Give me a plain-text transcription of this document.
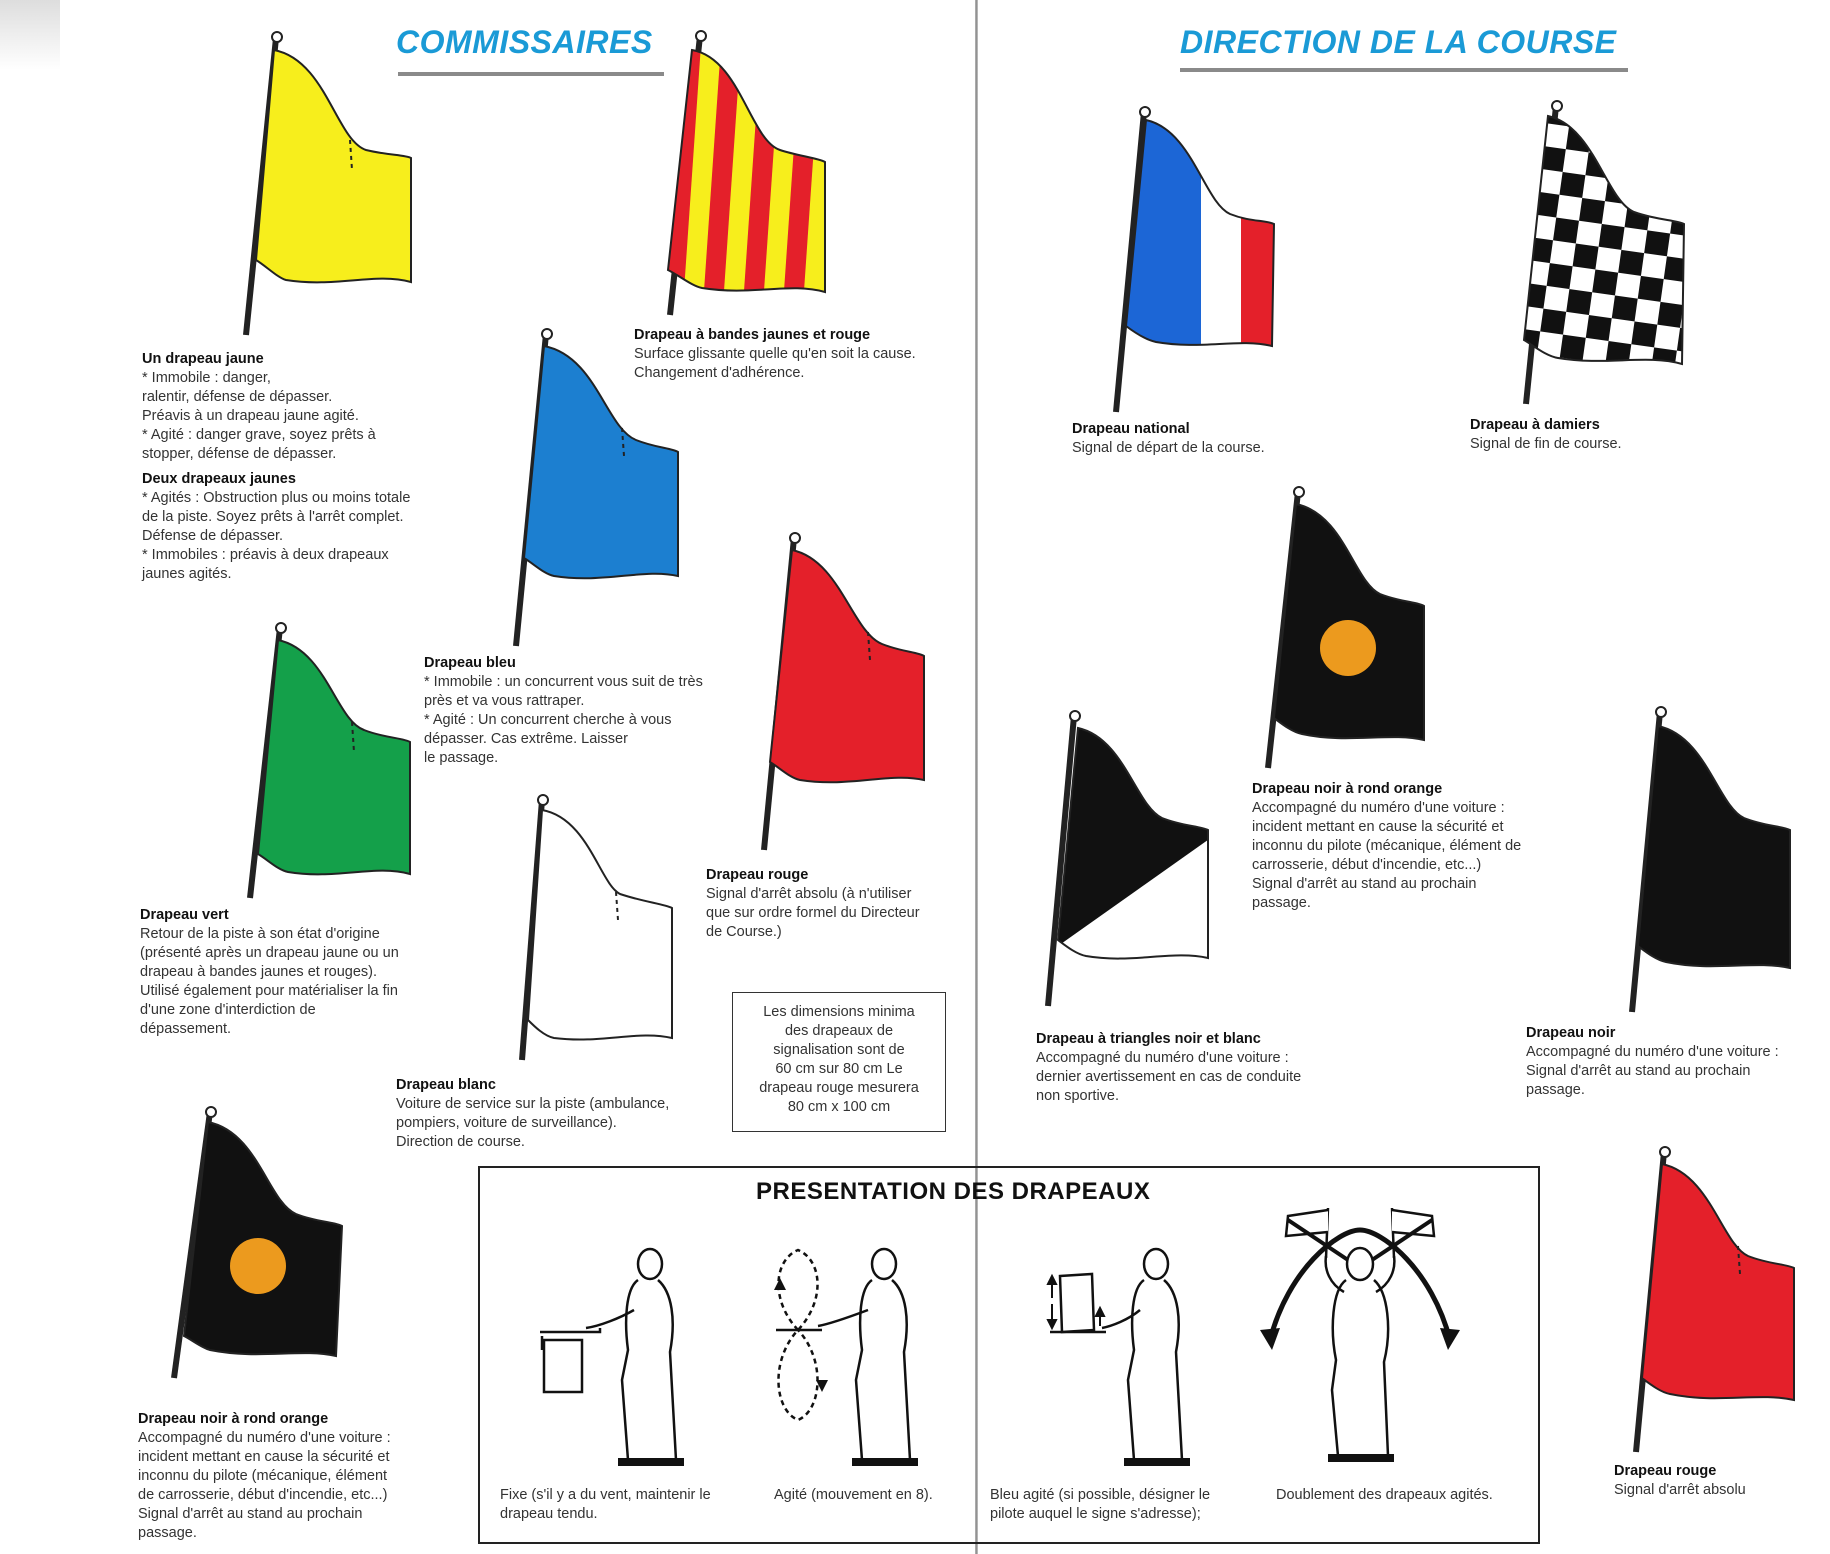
COMMISSAIRES	DIRECTION DE LA COURSE

Un drapeau jaune

* Immobile : danger,

ralentir, défense de dépasser.

Préavis à un drapeau jaune agité.

* Agité : danger grave, soyez prêts à

stopper, défense de dépasser.

Deux drapeaux jaunes

* Agités : Obstruction plus ou moins totale

de la piste. Soyez prêts à l'arrêt complet.

Défense de dépasser.

* Immobiles : préavis à deux drapeaux

jaunes agités.

Drapeau à bandes jaunes et rouge

Surface glissante quelle qu'en soit la cause.

Changement d'adhérence.

Drapeau bleu

* Immobile : un concurrent vous suit de très

près et va vous rattraper.

* Agité : Un concurrent cherche à vous

dépasser. Cas extrême. Laisser

le passage.

Drapeau rouge

Signal d'arrêt absolu (à n'utiliser

que sur ordre formel du Directeur

de Course.)

Drapeau vert

Retour de la piste à son état d'origine

(présenté après un drapeau jaune ou un

drapeau à bandes jaunes et rouges).

Utilisé également pour matérialiser la fin

d'une zone d'interdiction de

dépassement.

Drapeau blanc

Voiture de service sur la piste (ambulance,

pompiers, voiture de surveillance).

Direction de course.

Drapeau noir à rond orange

Accompagné du numéro d'une voiture :

incident mettant en cause la sécurité et

inconnu du pilote (mécanique, élément

de carrosserie, début d'incendie, etc...)

Signal d'arrêt au stand au prochain

passage.

Les dimensions minima
des drapeaux de
signalisation sont de
60 cm sur 80 cm Le
drapeau rouge mesurera
80 cm x 100 cm

Drapeau national

Signal de départ de la course.

Drapeau à damiers

Signal de fin de course.

Drapeau noir à rond orange

Accompagné du numéro d'une voiture :

incident mettant en cause la sécurité et

inconnu du pilote (mécanique, élément de

carrosserie, début d'incendie, etc...)

Signal d'arrêt au stand au prochain

passage.

Drapeau à triangles noir et blanc

Accompagné du numéro d'une voiture :

dernier avertissement en cas de conduite

non sportive.

Drapeau noir

Accompagné du numéro d'une voiture :

Signal d'arrêt au stand au prochain

passage.

Drapeau rouge

Signal d'arrêt absolu

PRESENTATION DES DRAPEAUX
Fixe (s'il y a du vent, maintenir le
drapeau tendu.
Agité (mouvement en 8).	Bleu agité (si possible, désigner le
pilote auquel le signe s'adresse);
Doublement des drapeaux agités.
